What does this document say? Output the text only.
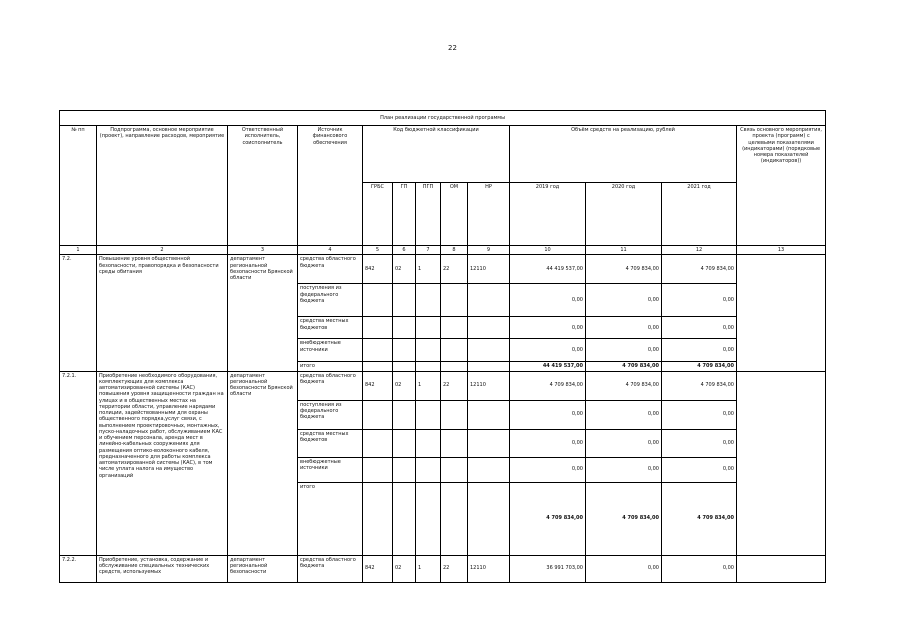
22
План реализации государственной программы												
№ пп	Подпрограмма, основное мероприятие (проект), направление расходов, мероприятие	Ответственный исполнитель, соисполнитель	Источник финансового обеспечения	Код бюджетной классификации					Объём средств на реализацию, рублей			Связь основного мероприятия, проекта (программ) с целевыми показателями (индикаторами) (порядковые номера показателей (индикаторов))
				ГРБС	ГП	ПГП	ОМ	НР	2019 год	2020 год	2021 год	
1	2	3	4	5	6	7	8	9	10	11	12	13
7.2.	Повышение уровня общественной безопасности, правопорядка и безопасности среды обитания	департамент региональной безопасности Брянской области	средства областного бюджета	842	02	1	22	12110	44 419 537,00	4 709 834,00	4 709 834,00	
			поступления из федерального бюджета						0,00	0,00	0,00	
			средства местных бюджетов						0,00	0,00	0,00	
			внебюджетные источники						0,00	0,00	0,00	
			итого						44 419 537,00	4 709 834,00	4 709 834,00	
7.2.1.	Приобретение необходимого оборудования, комплектующих для комплекса автоматизированной системы (КАС) повышения уровня защищенности граждан на улицах и в общественных местах на территории области, управление нарядами полиции, задействованными для охраны общественного порядка,услуг связи, с выполнением проектировочных, монтажных, пуско-наладочных работ, обслуживанием КАС и обучением персонала, аренда мест в линейно-кабельных сооружениях для размещения оптико-волоконного кабеля, предназначенного для работы комплекса автоматизированной системы (КАС), в том числе уплата налога на имущество организаций	департамент региональной безопасности Брянской области	средства областного бюджета	842	02	1	22	12110	4 709 834,00	4 709 834,00	4 709 834,00	
			поступления из федерального бюджета						0,00	0,00	0,00	
			средства местных бюджетов						0,00	0,00	0,00	
			внебюджетные источники						0,00	0,00	0,00	
			итого						4 709 834,00	4 709 834,00	4 709 834,00	
7.2.2.	Приобретение, установка, содержание и обслуживание специальных технических средств, используемых	департамент региональной безопасности	средства областного бюджета	842	02	1	22	12110	36 991 703,00	0,00	0,00	
